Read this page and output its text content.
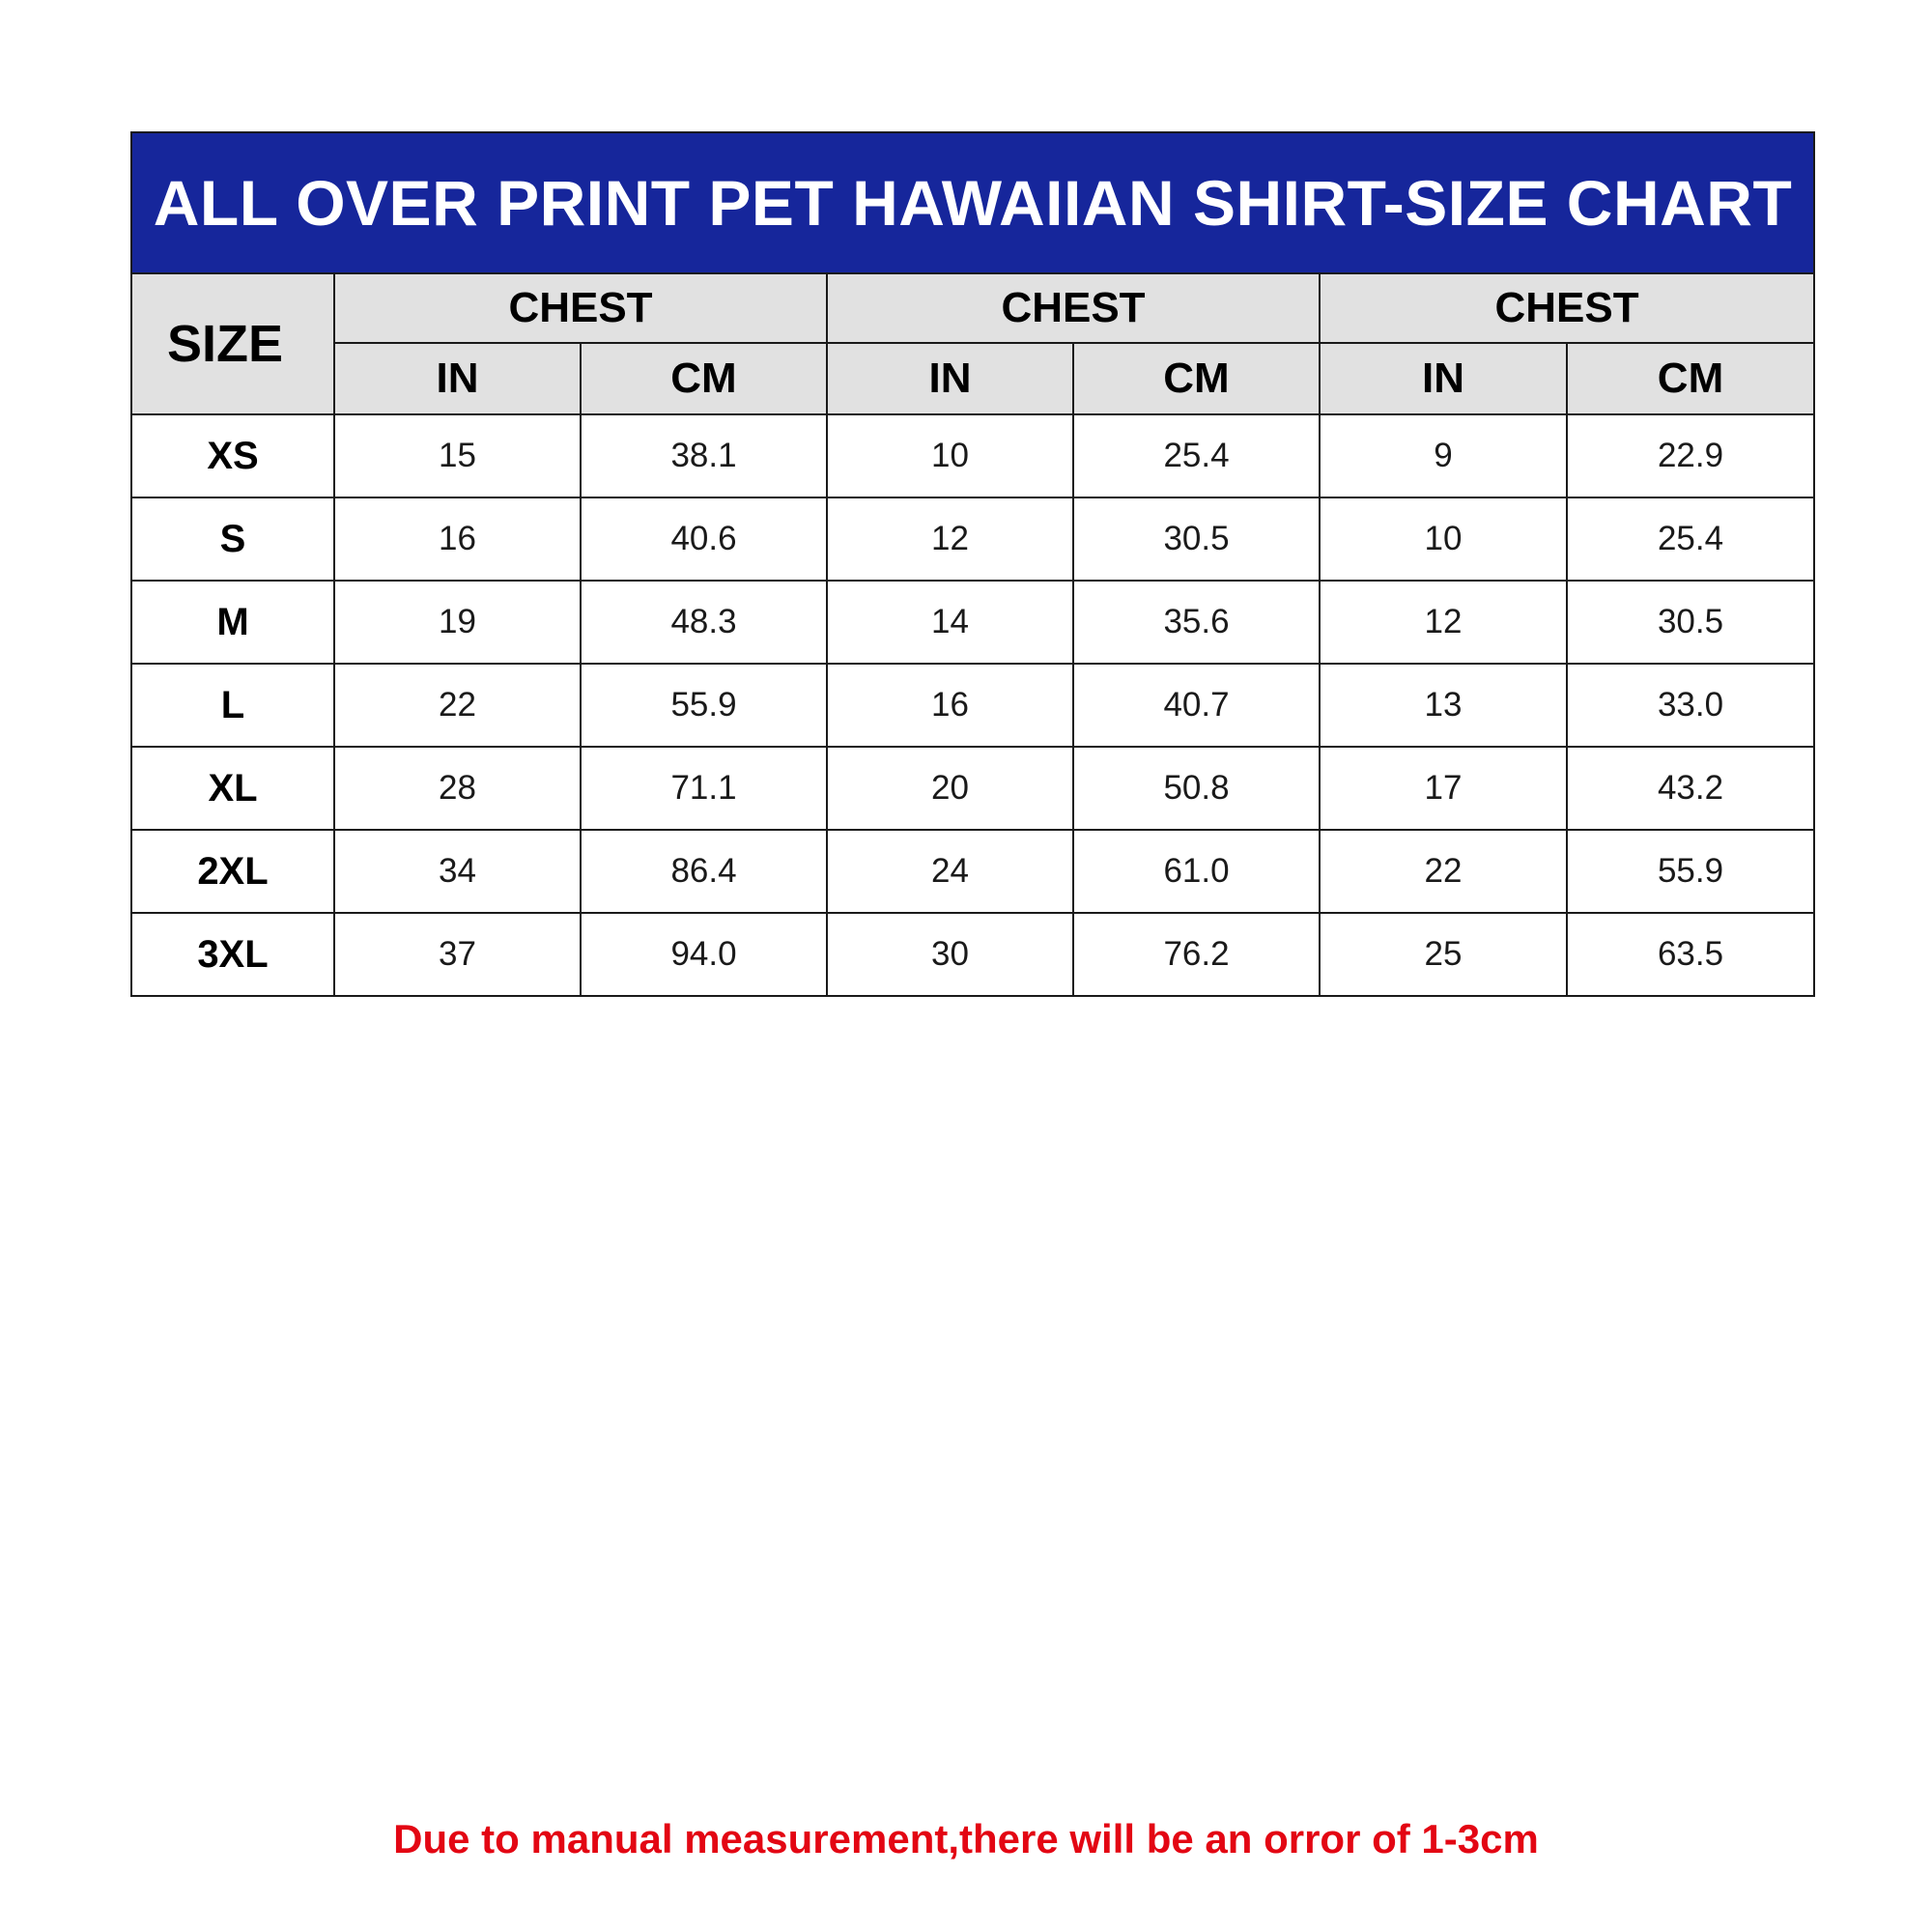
ALL OVER PRINT PET HAWAIIAN SHIRT-SIZE CHART						
SIZE	CHEST		CHEST		CHEST	
	IN	CM	IN	CM	IN	CM
XS	15	38.1	10	25.4	9	22.9
S	16	40.6	12	30.5	10	25.4
M	19	48.3	14	35.6	12	30.5
L	22	55.9	16	40.7	13	33.0
XL	28	71.1	20	50.8	17	43.2
2XL	34	86.4	24	61.0	22	55.9
3XL	37	94.0	30	76.2	25	63.5
Due to manual measurement,there will be an orror of 1-3cm
